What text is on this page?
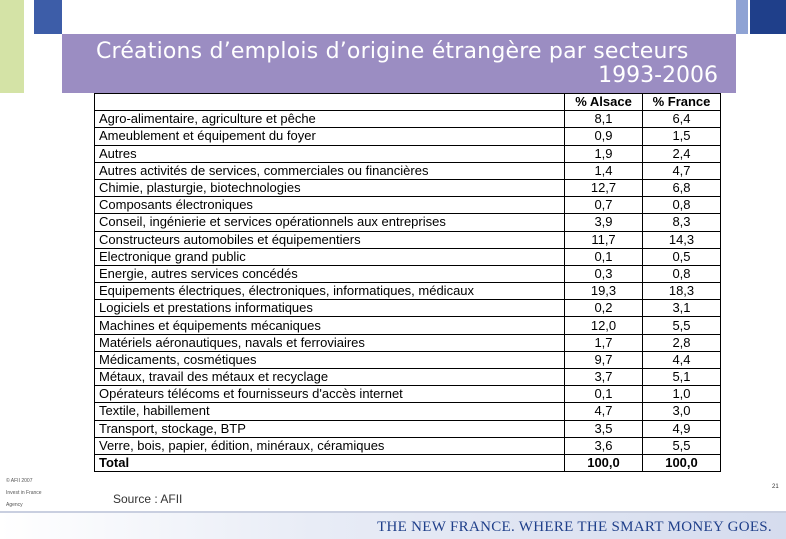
Créations d’emplois d’origine étrangère par secteurs
1993-2006
	% Alsace	% France
Agro-alimentaire, agriculture et pêche	8,1	6,4
Ameublement et équipement du foyer	0,9	1,5
Autres	1,9	2,4
Autres activités de services, commerciales ou financières	1,4	4,7
Chimie, plasturgie, biotechnologies	12,7	6,8
Composants électroniques	0,7	0,8
Conseil, ingénierie et services opérationnels aux entreprises	3,9	8,3
Constructeurs automobiles et équipementiers	11,7	14,3
Electronique grand public	0,1	0,5
Energie, autres services concédés	0,3	0,8
Equipements électriques, électroniques, informatiques, médicaux	19,3	18,3
Logiciels et prestations informatiques	0,2	3,1
Machines et équipements mécaniques	12,0	5,5
Matériels aéronautiques, navals et ferroviaires	1,7	2,8
Médicaments, cosmétiques	9,7	4,4
Métaux, travail des métaux et recyclage	3,7	5,1
Opérateurs télécoms et fournisseurs d'accès internet	0,1	1,0
Textile, habillement	4,7	3,0
Transport, stockage, BTP	3,5	4,9
Verre, bois, papier, édition, minéraux, céramiques	3,6	5,5
Total	100,0	100,0
© AFII 2007
Invest in France
Agency	Source : AFII
21
THE NEW FRANCE. WHERE THE SMART MONEY GOES.
